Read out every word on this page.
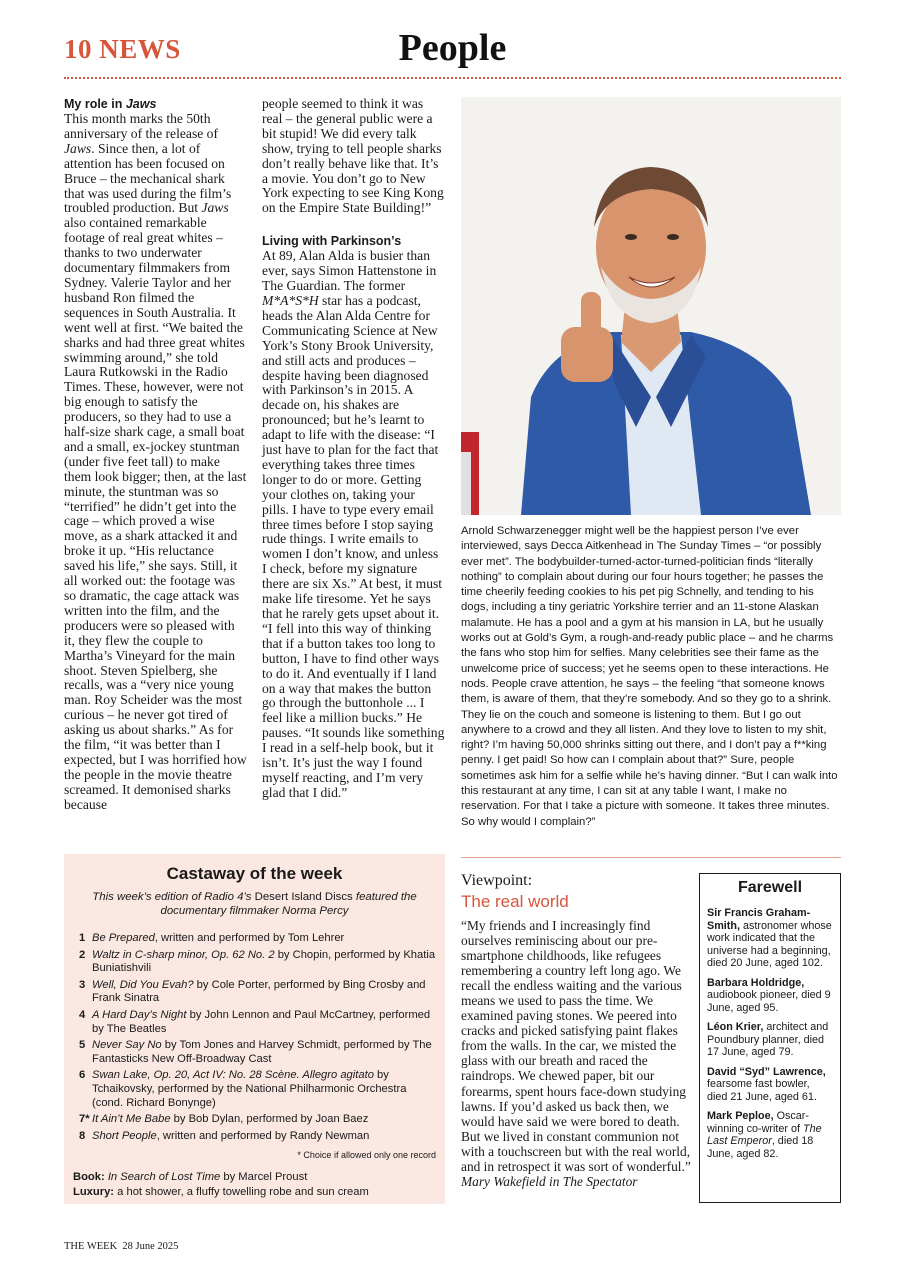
10 NEWS	People
My role in Jaws
This month marks the 50th anniversary of the release of Jaws. Since then, a lot of attention has been focused on Bruce – the mechanical shark that was used during the film’s troubled production. But Jaws also contained remarkable footage of real great whites – thanks to two underwater documentary filmmakers from Sydney. Valerie Taylor and her husband Ron filmed the sequences in South Australia. It went well at first. “We baited the sharks and had three great whites swimming around,” she told Laura Rutkowski in the Radio Times. These, however, were not big enough to satisfy the producers, so they had to use a half-size shark cage, a small boat and a small, ex-jockey stuntman (under five feet tall) to make them look bigger; then, at the last minute, the stuntman was so “terrified” he didn’t get into the cage – which proved a wise move, as a shark attacked it and broke it up. “His reluctance saved his life,” she says. Still, it all worked out: the footage was so dramatic, the cage attack was written into the film, and the producers were so pleased with it, they flew the couple to Martha’s Vineyard for the main shoot. Steven Spielberg, she recalls, was a “very nice young man. Roy Scheider was the most curious – he never got tired of asking us about sharks.” As for the film, “it was better than I expected, but I was horrified how the people in the movie theatre screamed. It demonised sharks because
people seemed to think it was real – the general public were a bit stupid! We did every talk show, trying to tell people sharks don’t really behave like that. It’s a movie. You don’t go to New York expecting to see King Kong on the Empire State Building!”
Living with Parkinson’s
At 89, Alan Alda is busier than ever, says Simon Hattenstone in The Guardian. The former M*A*S*H star has a podcast, heads the Alan Alda Centre for Communicating Science at New York’s Stony Brook University, and still acts and produces – despite having been diagnosed with Parkinson’s in 2015. A decade on, his shakes are pronounced; but he’s learnt to adapt to life with the disease: “I just have to plan for the fact that everything takes three times longer to do or more. Getting your clothes on, taking your pills. I have to type every email three times before I stop saying rude things. I write emails to women I don’t know, and unless I check, before my signature there are six Xs.” At best, it must make life tiresome. Yet he says that he rarely gets upset about it. “I fell into this way of thinking that if a button takes too long to button, I have to find other ways to do it. And eventually if I land on a way that makes the button go through the buttonhole ... I feel like a million bucks.” He pauses. “It sounds like something I read in a self-help book, but it isn’t. It’s just the way I found myself reacting, and I’m very glad that I did.”
Arnold Schwarzenegger might well be the happiest person I’ve ever interviewed, says Decca Aitkenhead in The Sunday Times – “or possibly ever met”. The bodybuilder-turned-actor-turned-politician finds “literally nothing” to complain about during our four hours together; he passes the time cheerily feeding cookies to his pet pig Schnelly, and tending to his dogs, including a tiny geriatric Yorkshire terrier and an 11-stone Alaskan malamute. He has a pool and a gym at his mansion in LA, but he usually works out at Gold’s Gym, a rough-and-ready public place – and he charms the fans who stop him for selfies. Many celebrities see their fame as the unwelcome price of success; yet he seems open to these interactions. He nods. People crave attention, he says – the feeling “that someone knows them, is aware of them, that they’re somebody. And so they go to a shrink. They lie on the couch and someone is listening to them. But I go out anywhere to a crowd and they all listen. And they love to listen to my shit, right? I’m having 50,000 shrinks sitting out there, and I don’t pay a f**king penny. I get paid! So how can I complain about that?” Sure, people sometimes ask him for a selfie while he’s having dinner. “But I can walk into this restaurant at any time, I can sit at any table I want, I make no reservation. For that I take a picture with someone. It takes three minutes. So why would I complain?”
Castaway of the week
This week’s edition of Radio 4’s Desert Island Discs featured the documentary filmmaker Norma Percy
1 Be Prepared, written and performed by Tom Lehrer
2 Waltz in C-sharp minor, Op. 62 No. 2 by Chopin, performed by Khatia Buniatishvili
3 Well, Did You Evah? by Cole Porter, performed by Bing Crosby and Frank Sinatra
4 A Hard Day’s Night by John Lennon and Paul McCartney, performed by The Beatles
5 Never Say No by Tom Jones and Harvey Schmidt, performed by The Fantasticks New Off-Broadway Cast
6 Swan Lake, Op. 20, Act IV: No. 28 Scène. Allegro agitato by Tchaikovsky, performed by the National Philharmonic Orchestra (cond. Richard Bonynge)
7* It Ain’t Me Babe by Bob Dylan, performed by Joan Baez
8 Short People, written and performed by Randy Newman
* Choice if allowed only one record
Book: In Search of Lost Time by Marcel Proust
Luxury: a hot shower, a fluffy towelling robe and sun cream
Viewpoint:
The real world
“My friends and I increasingly find ourselves reminiscing about our pre-smartphone childhoods, like refugees remembering a country left long ago. We recall the endless waiting and the various means we used to pass the time. We examined paving stones. We peered into cracks and picked satisfying paint flakes from the walls. In the car, we misted the glass with our breath and raced the raindrops. We chewed paper, bit our forearms, spent hours face-down studying lawns. If you’d asked us back then, we would have said we were bored to death. But we lived in constant communion not with a touchscreen but with the real world, and in retrospect it was sort of wonderful.”
Mary Wakefield in The Spectator
Farewell
Sir Francis Graham-Smith, astronomer whose work indicated that the universe had a beginning, died 20 June, aged 102.
Barbara Holdridge, audiobook pioneer, died 9 June, aged 95.
Léon Krier, architect and Poundbury planner, died 17 June, aged 79.
David “Syd” Lawrence, fearsome fast bowler, died 21 June, aged 61.
Mark Peploe, Oscar-winning co-writer of The Last Emperor, died 18 June, aged 82.
THE WEEK 28 June 2025
